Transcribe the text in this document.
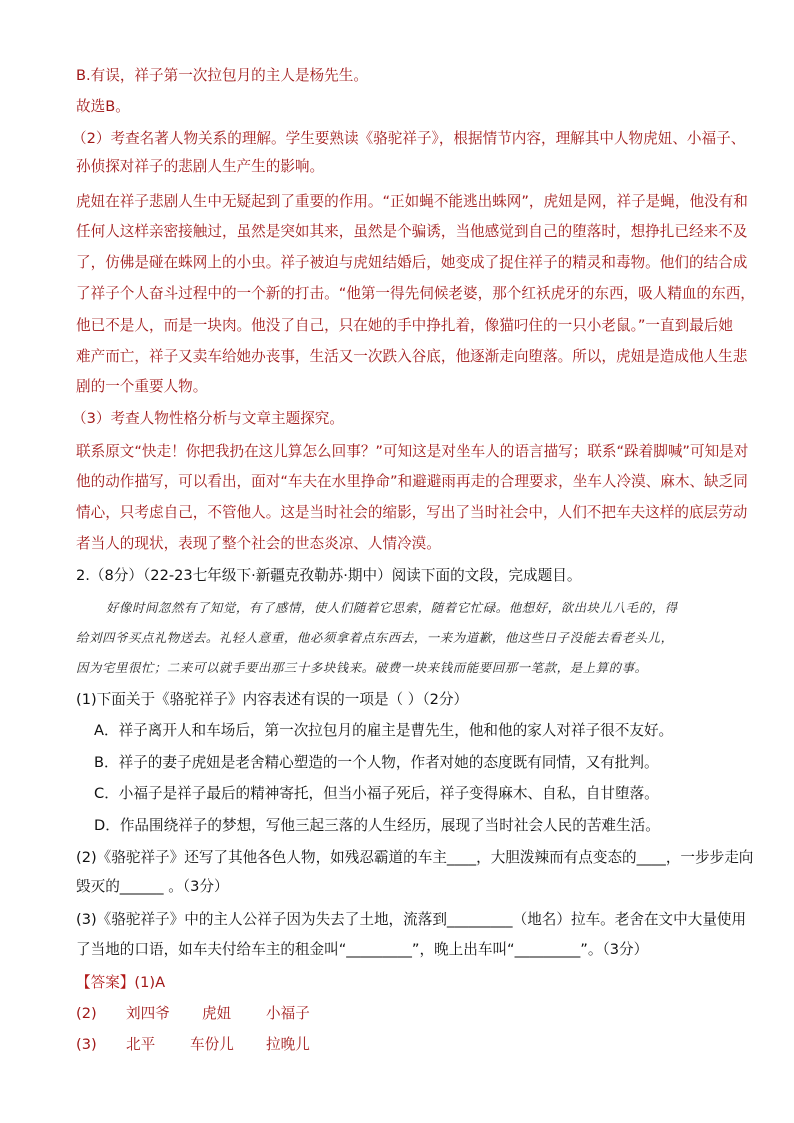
B.有误，祥子第一次拉包月的主人是杨先生。
故选B。
（2）考查名著人物关系的理解。学生要熟读《骆驼祥子》，根据情节内容，理解其中人物虎妞、小福子、
孙侦探对祥子的悲剧人生产生的影响。
虎妞在祥子悲剧人生中无疑起到了重要的作用。“正如蝇不能逃出蛛网”，虎妞是网，祥子是蝇，他没有和
任何人这样亲密接触过，虽然是突如其来，虽然是个骗诱，当他感觉到自己的堕落时，想挣扎已经来不及
了，仿佛是碰在蛛网上的小虫。祥子被迫与虎妞结婚后，她变成了捉住祥子的精灵和毒物。他们的结合成
了祥子个人奋斗过程中的一个新的打击。“他第一得先伺候老婆，那个红袄虎牙的东西，吸人精血的东西，
他已不是人，而是一块肉。他没了自己，只在她的手中挣扎着，像猫叼住的一只小老鼠。”一直到最后她
难产而亡，祥子又卖车给她办丧事，生活又一次跌入谷底，他逐渐走向堕落。所以，虎妞是造成他人生悲
剧的一个重要人物。
（3）考查人物性格分析与文章主题探究。
联系原文“快走！你把我扔在这儿算怎么回事？”可知这是对坐车人的语言描写；联系“跺着脚喊”可知是对
他的动作描写，可以看出，面对“车夫在水里挣命”和避避雨再走的合理要求，坐车人冷漠、麻木、缺乏同
情心，只考虑自己，不管他人。这是当时社会的缩影，写出了当时社会中，人们不把车夫这样的底层劳动
者当人的现状，表现了整个社会的世态炎凉、人情冷漠。
2.（8分）（22-23七年级下·新疆克孜勒苏·期中）阅读下面的文段，完成题目。
好像时间忽然有了知觉，有了感情，使人们随着它思索，随着它忙碌。他想好，欲出块儿八毛的，得
给刘四爷买点礼物送去。礼轻人意重，他必须拿着点东西去，一来为道歉，他这些日子没能去看老头儿，
因为宅里很忙；二来可以就手要出那三十多块钱来。破费一块来钱而能要回那一笔款，是上算的事。
(1)下面关于《骆驼祥子》内容表述有误的一项是（ ）（2分）
A．祥子离开人和车场后，第一次拉包月的雇主是曹先生，他和他的家人对祥子很不友好。
B．祥子的妻子虎妞是老舍精心塑造的一个人物，作者对她的态度既有同情，又有批判。
C．小福子是祥子最后的精神寄托，但当小福子死后，祥子变得麻木、自私，自甘堕落。
D．作品围绕祥子的梦想，写他三起三落的人生经历，展现了当时社会人民的苦难生活。
(2)《骆驼祥子》还写了其他各色人物，如残忍霸道的车主____，大胆泼辣而有点变态的____，一步步走向
毁灭的______ 。（3分）
(3)《骆驼祥子》中的主人公祥子因为失去了土地，流落到_________（地名）拉车。老舍在文中大量使用
了当地的口语，如车夫付给车主的租金叫“_________”，晚上出车叫“_________”。（3分）
【答案】(1)A
(2) 刘四爷 虎妞 小福子
(3) 北平 车份儿 拉晚儿
